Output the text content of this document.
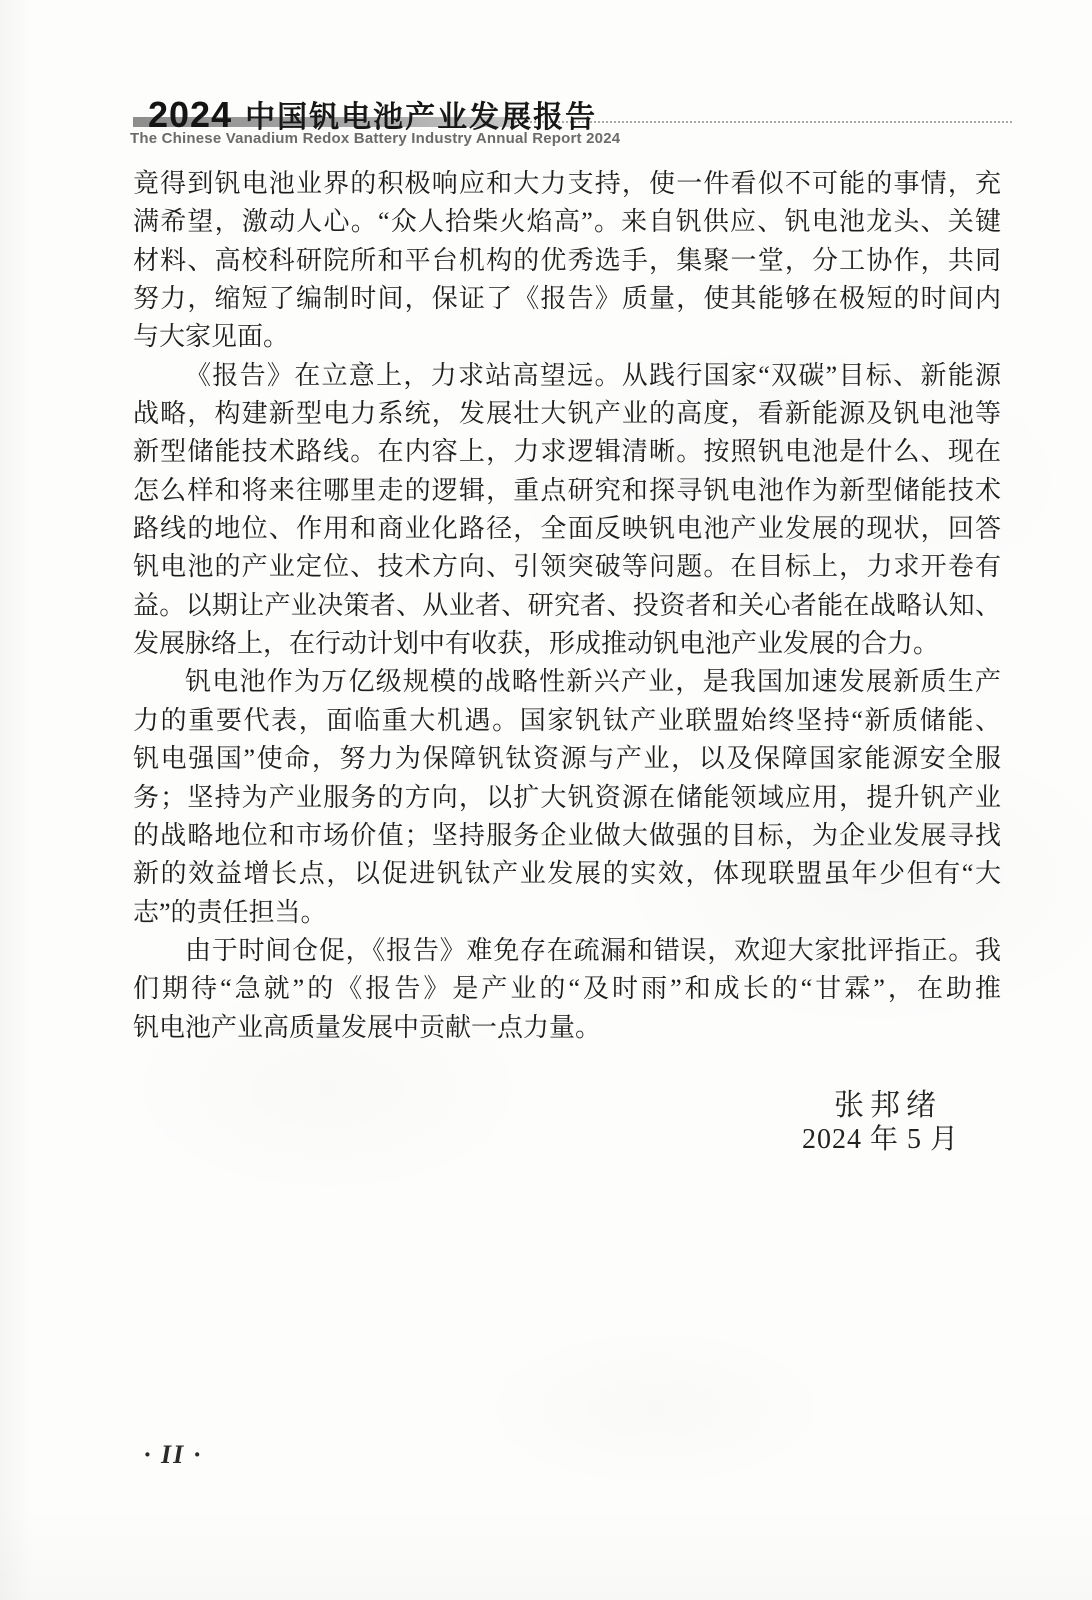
2024 中国钒电池产业发展报告
The Chinese Vanadium Redox Battery Industry Annual Report 2024
竟得到钒电池业界的积极响应和大力支持，使一件看似不可能的事情，充
满希望，激动人心。“众人拾柴火焰高”。来自钒供应、钒电池龙头、关键
材料、高校科研院所和平台机构的优秀选手，集聚一堂，分工协作，共同
努力，缩短了编制时间，保证了《报告》质量，使其能够在极短的时间内
与大家见面。
《报告》在立意上，力求站高望远。从践行国家“双碳”目标、新能源
战略，构建新型电力系统，发展壮大钒产业的高度，看新能源及钒电池等
新型储能技术路线。在内容上，力求逻辑清晰。按照钒电池是什么、现在
怎么样和将来往哪里走的逻辑，重点研究和探寻钒电池作为新型储能技术
路线的地位、作用和商业化路径，全面反映钒电池产业发展的现状，回答
钒电池的产业定位、技术方向、引领突破等问题。在目标上，力求开卷有
益。以期让产业决策者、从业者、研究者、投资者和关心者能在战略认知、
发展脉络上，在行动计划中有收获，形成推动钒电池产业发展的合力。
钒电池作为万亿级规模的战略性新兴产业，是我国加速发展新质生产
力的重要代表，面临重大机遇。国家钒钛产业联盟始终坚持“新质储能、
钒电强国”使命，努力为保障钒钛资源与产业，以及保障国家能源安全服
务；坚持为产业服务的方向，以扩大钒资源在储能领域应用，提升钒产业
的战略地位和市场价值；坚持服务企业做大做强的目标，为企业发展寻找
新的效益增长点，以促进钒钛产业发展的实效，体现联盟虽年少但有“大
志”的责任担当。
由于时间仓促，《报告》难免存在疏漏和错误，欢迎大家批评指正。我
们期待“急就”的《报告》是产业的“及时雨”和成长的“甘霖”，在助推
钒电池产业高质量发展中贡献一点力量。
张邦绪
2024 年 5 月
· II ·
